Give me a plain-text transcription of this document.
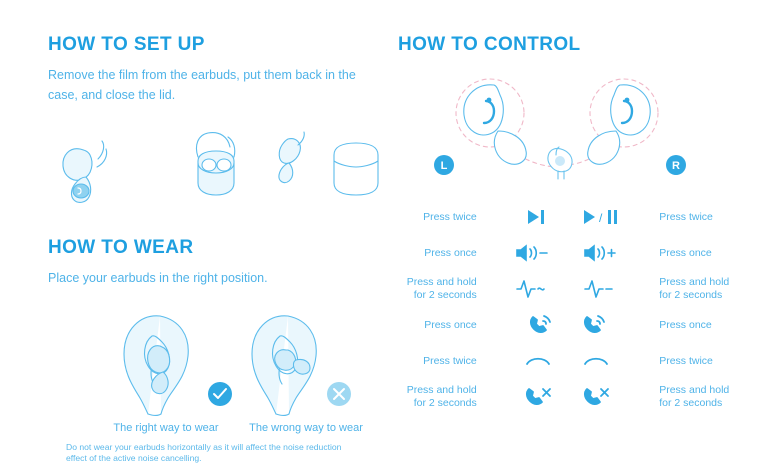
HOW TO SET UP

Remove the film from the earbuds, put them back in the case, and close the lid.

HOW TO WEAR

Place your earbuds in the right position.

The right way to wear	The wrong way to wear
Do not wear your earbuds horizontally as it will affect the noise reduction effect of the active noise cancelling.
HOW TO CONTROL
L	R
Press twice		/	Press twice
Press once			Press once
Press and hold for 2 seconds			Press and hold for 2 seconds
Press once			Press once
Press twice			Press twice
Press and hold for 2 seconds			Press and hold for 2 seconds
